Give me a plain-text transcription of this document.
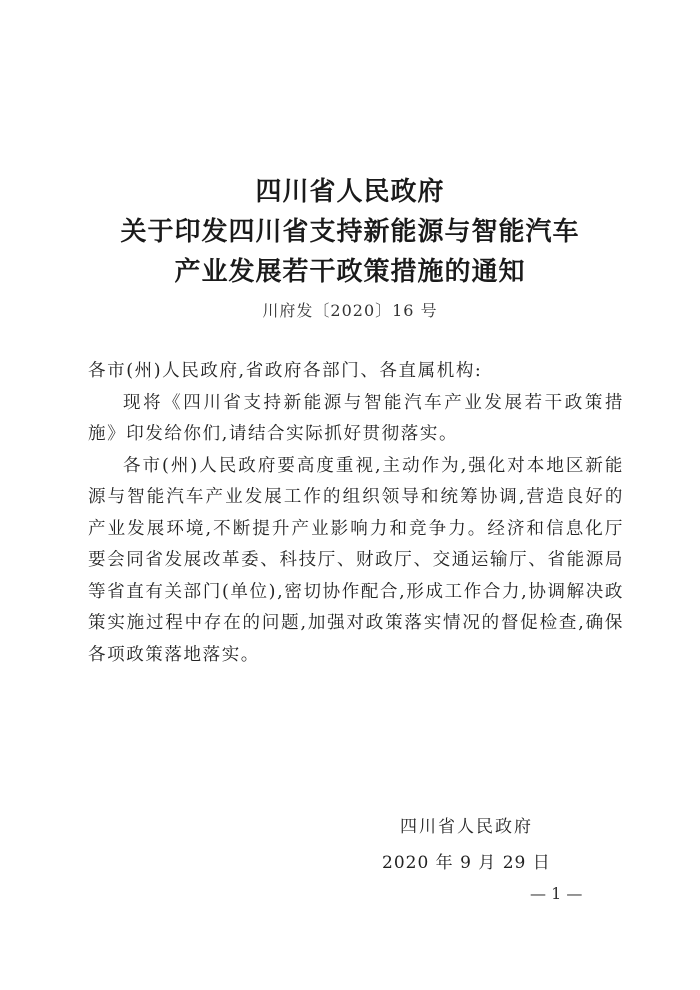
四川省人民政府
关于印发四川省支持新能源与智能汽车
产业发展若干政策措施的通知
川府发〔2020〕16 号

各市(州)人民政府,省政府各部门、各直属机构:

现将《四川省支持新能源与智能汽车产业发展若干政策措施》印发给你们,请结合实际抓好贯彻落实。

各市(州)人民政府要高度重视,主动作为,强化对本地区新能源与智能汽车产业发展工作的组织领导和统筹协调,营造良好的产业发展环境,不断提升产业影响力和竞争力。经济和信息化厅要会同省发展改革委、科技厅、财政厅、交通运输厅、省能源局等省直有关部门(单位),密切协作配合,形成工作合力,协调解决政策实施过程中存在的问题,加强对政策落实情况的督促检查,确保各项政策落地落实。

四川省人民政府
2020 年 9 月 29 日
— 1 —
